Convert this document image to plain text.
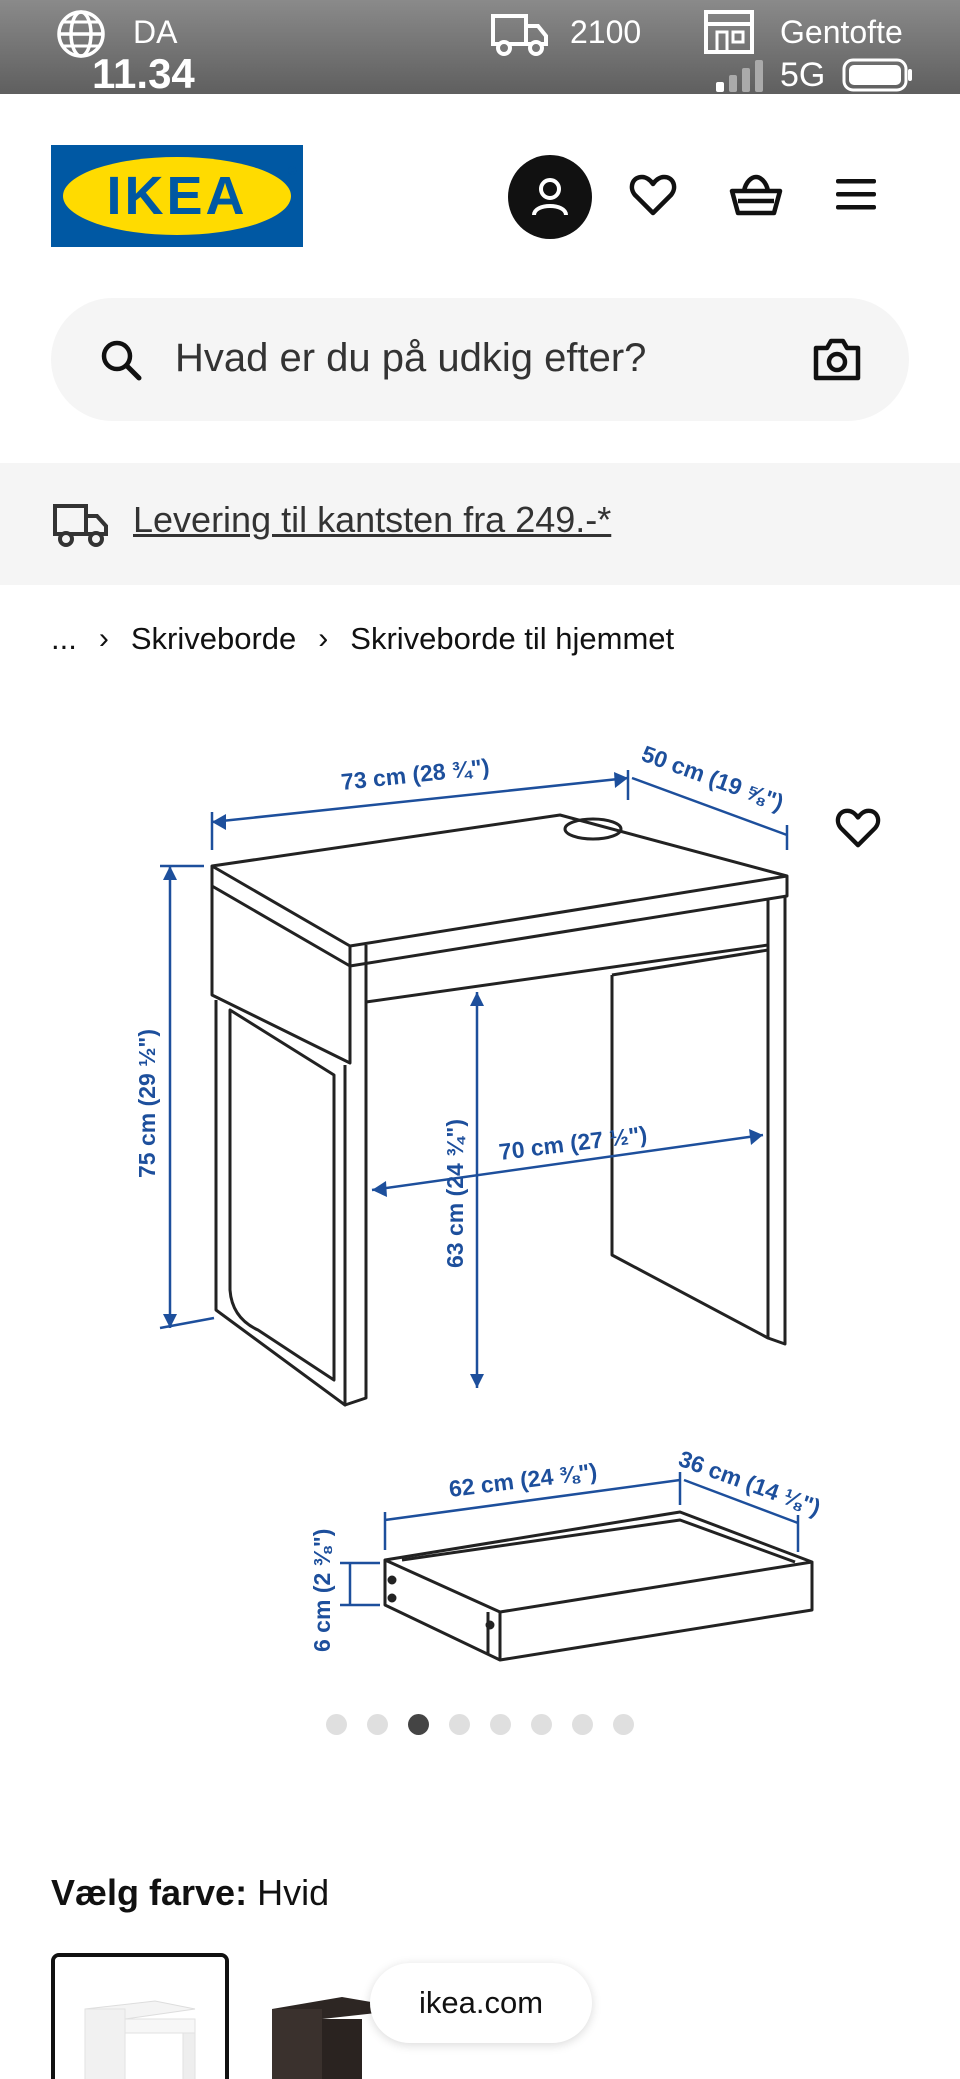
DA
11.34
2100	Gentofte
5G
IKEA	®
Hvad er du på udkig efter?
Levering til kantsten fra 249.-*
... › Skriveborde › Skriveborde til hjemmet
73 cm (28 ¾")	50 cm (19 ⅝")
75 cm (29 ½")
63 cm (24 ¾") 70 cm (27 ½")
62 cm (24 ⅜")	36 cm (14 ⅛")
6 cm (2 ⅜")
Vælg farve: Hvid
ikea.com
